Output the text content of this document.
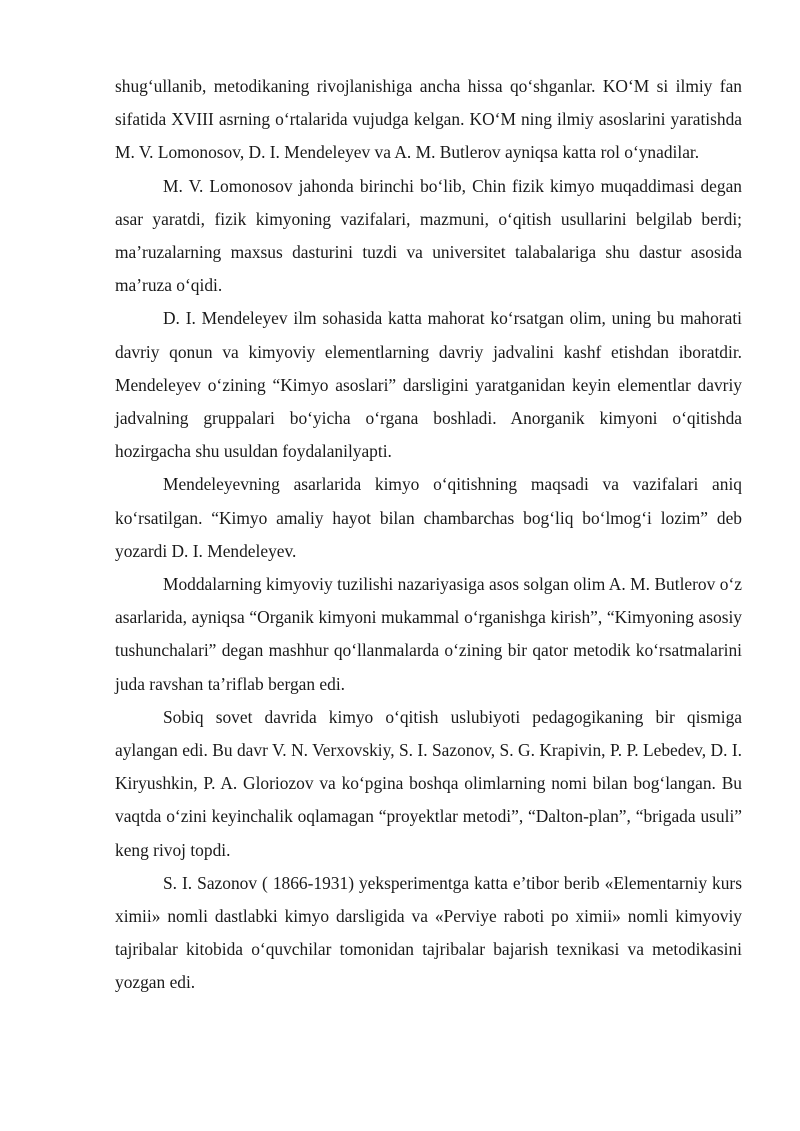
shug‘ullanib, metodikaning rivojlanishiga ancha hissa qo‘shganlar. KO‘M si ilmiy fan sifatida XVIII asrning o‘rtalarida vujudga kelgan. KO‘M ning ilmiy asoslarini yaratishda M. V. Lomonosov, D. I. Mendeleyev va A. M. Butlerov ayniqsa katta rol o‘ynadilar.

M. V. Lomonosov jahonda birinchi bo‘lib, Chin fizik kimyo muqaddimasi degan asar yaratdi, fizik kimyoning vazifalari, mazmuni, o‘qitish usullarini belgilab berdi; ma’ruzalarning maxsus dasturini tuzdi va universitet talabalariga shu dastur asosida ma’ruza o‘qidi.

D. I. Mendeleyev ilm sohasida katta mahorat ko‘rsatgan olim, uning bu mahorati davriy qonun va kimyoviy elementlarning davriy jadvalini kashf etishdan iboratdir. Mendeleyev o‘zining “Kimyo asoslari” darsligini yaratganidan keyin elementlar davriy jadvalning gruppalari bo‘yicha o‘rgana boshladi. Anorganik kimyoni o‘qitishda hozirgacha shu usuldan foydalanilyapti.

Mendeleyevning asarlarida kimyo o‘qitishning maqsadi va vazifalari aniq ko‘rsatilgan. “Kimyo amaliy hayot bilan chambarchas bog‘liq bo‘lmog‘i lozim” deb yozardi D. I. Mendeleyev.

Moddalarning kimyoviy tuzilishi nazariyasiga asos solgan olim A. M. Butlerov o‘z asarlarida, ayniqsa “Organik kimyoni mukammal o‘rganishga kirish”, “Kimyoning asosiy tushunchalari” degan mashhur qo‘llanmalarda o‘zining bir qator metodik ko‘rsatmalarini juda ravshan ta’riflab bergan edi.

Sobiq sovet davrida kimyo o‘qitish uslubiyoti pedagogikaning bir qismiga aylangan edi. Bu davr V. N. Verxovskiy, S. I. Sazonov, S. G. Krapivin, P. P. Lebedev, D. I. Kiryushkin, P. A. Gloriozov va ko‘pgina boshqa olimlarning nomi bilan bog‘langan. Bu vaqtda o‘zini keyinchalik oqlamagan “proyektlar metodi”, “Dalton-plan”, “brigada usuli” keng rivoj topdi.

S. I. Sazonov ( 1866-1931) yeksperimentga katta e’tibor berib «Elementarniy kurs ximii» nomli dastlabki kimyo darsligida va «Perviye raboti po ximii» nomli kimyoviy tajribalar kitobida o‘quvchilar tomonidan tajribalar bajarish texnikasi va metodikasini yozgan edi.
